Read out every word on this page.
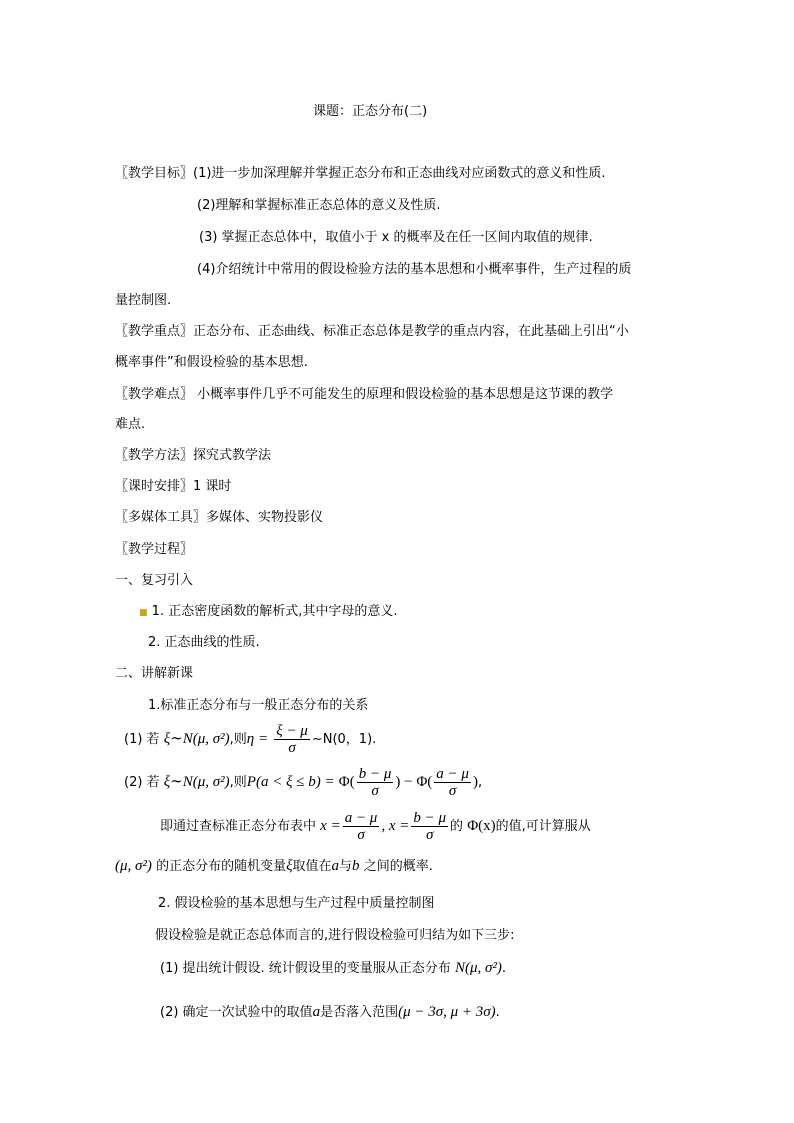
课题：正态分布(二)
〖教学目标〗(1)进一步加深理解并掌握正态分布和正态曲线对应函数式的意义和性质.
(2)理解和掌握标准正态总体的意义及性质.
(3) 掌握正态总体中，取值小于 x 的概率及在任一区间内取值的规律.
(4)介绍统计中常用的假设检验方法的基本思想和小概率事件，生产过程的质
量控制图.
〖教学重点〗正态分布、正态曲线、标准正态总体是教学的重点内容，在此基础上引出“小
概率事件”和假设检验的基本思想.
〖教学难点〗 小概率事件几乎不可能发生的原理和假设检验的基本思想是这节课的教学
难点.
〖教学方法〗探究式教学法
〖课时安排〗1 课时
〖多媒体工具〗多媒体、实物投影仪
〖教学过程〗
一、复习引入
■ 1. 正态密度函数的解析式,其中字母的意义.
2. 正态曲线的性质.
二、讲解新课
1.标准正态分布与一般正态分布的关系
(1) 若 ξ∼N(μ, σ²),则$\eta = \frac{\xi - \mu}{\sigma}$ ∼N(0，1).
(2) 若 ξ∼N(μ, σ²),则$P(a < \xi \le b) = \Phi( \frac{b - \mu}{\sigma}$ ) − $\Phi( \frac{a - \mu}{\sigma}$ ),
即通过查标准正态分布表中 $x = \frac{a - \mu}{\sigma}$ , $x = \frac{b - \mu}{\sigma}$ 的 Φ(x)的值,可计算服从
(μ, σ²) 的正态分布的随机变量ξ取值在a与b 之间的概率.
2. 假设检验的基本思想与生产过程中质量控制图
假设检验是就正态总体而言的,进行假设检验可归结为如下三步:
(1) 提出统计假设. 统计假设里的变量服从正态分布 N(μ, σ²).
(2) 确定一次试验中的取值a是否落入范围(μ − 3σ, μ + 3σ).
